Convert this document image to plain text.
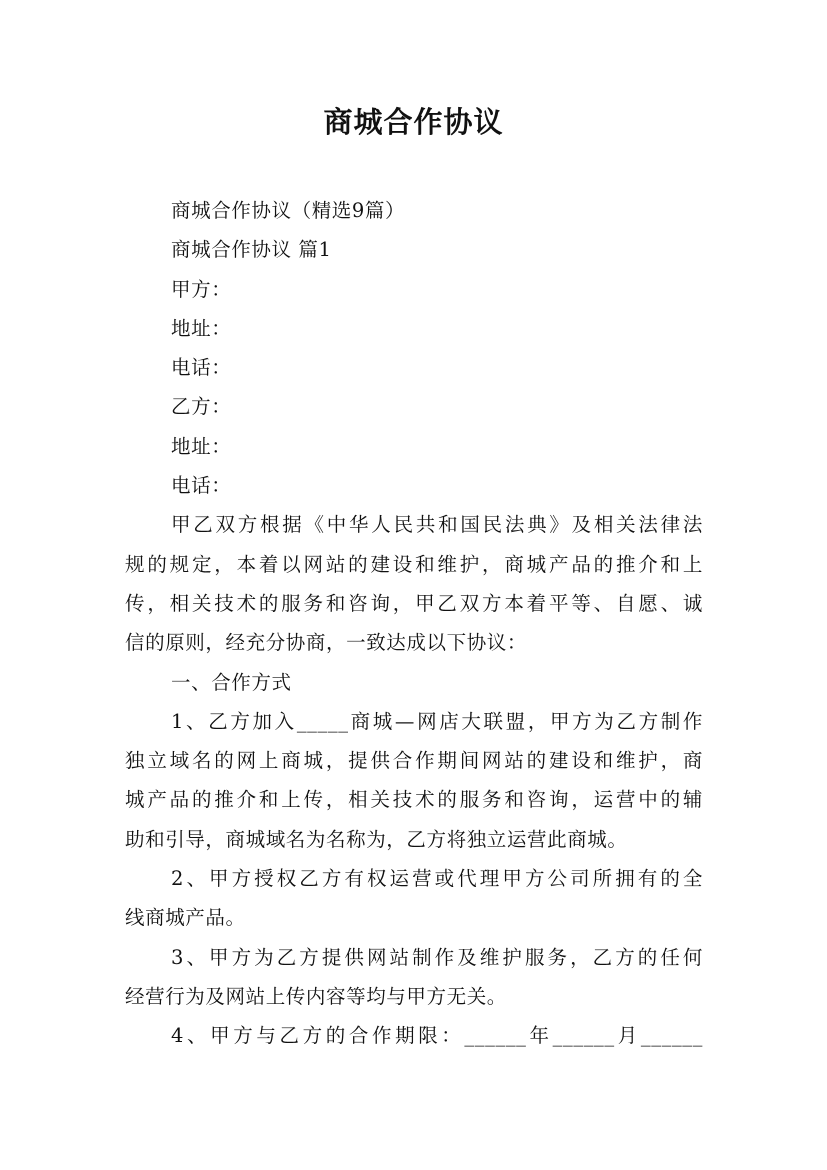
商城合作协议
商城合作协议（精选9篇）
商城合作协议 篇1
甲方：
地址：
电话：
乙方：
地址：
电话：
甲乙双方根据《中华人民共和国民法典》及相关法律法
规的规定，本着以网站的建设和维护，商城产品的推介和上
传，相关技术的服务和咨询，甲乙双方本着平等、自愿、诚
信的原则，经充分协商，一致达成以下协议：
一、合作方式
1、乙方加入_____商城—网店大联盟，甲方为乙方制作
独立域名的网上商城，提供合作期间网站的建设和维护，商
城产品的推介和上传，相关技术的服务和咨询，运营中的辅
助和引导，商城域名为名称为，乙方将独立运营此商城。
2、甲方授权乙方有权运营或代理甲方公司所拥有的全
线商城产品。
3、甲方为乙方提供网站制作及维护服务，乙方的任何
经营行为及网站上传内容等均与甲方无关。
4、甲方与乙方的合作期限：______年______月______
